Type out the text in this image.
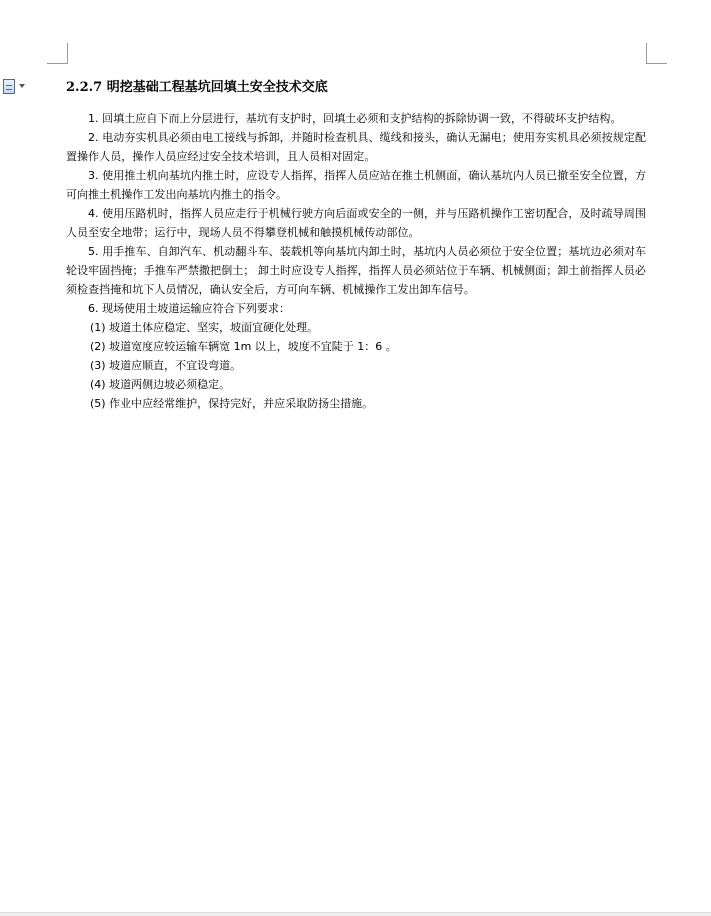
2.2.7 明挖基础工程基坑回填土安全技术交底

1. 回填土应自下而上分层进行，基坑有支护时，回填土必须和支护结构的拆除协调一致，不得破坏支护结构。

2. 电动夯实机具必须由电工接线与拆卸，并随时检查机具、缆线和接头，确认无漏电；使用夯实机具必须按规定配置操作人员，操作人员应经过安全技术培训，且人员相对固定。

3. 使用推土机向基坑内推土时，应设专人指挥，指挥人员应站在推土机侧面，确认基坑内人员已撤至安全位置，方可向推土机操作工发出向基坑内推土的指令。

4. 使用压路机时，指挥人员应走行于机械行驶方向后面或安全的一侧，并与压路机操作工密切配合，及时疏导周围人员至安全地带；运行中，现场人员不得攀登机械和触摸机械传动部位。

5. 用手推车、自卸汽车、机动翻斗车、装载机等向基坑内卸土时，基坑内人员必须位于安全位置；基坑边必须对车轮设牢固挡掩；手推车严禁撒把倒土； 卸土时应设专人指挥，指挥人员必须站位于车辆、机械侧面；卸土前指挥人员必须检查挡掩和坑下人员情况，确认安全后，方可向车辆、机械操作工发出卸车信号。

6. 现场使用土坡道运输应符合下列要求：

(1) 坡道土体应稳定、坚实，坡面宜硬化处理。

(2) 坡道宽度应较运输车辆宽 1m 以上，坡度不宜陡于 1：6 。

(3) 坡道应顺直，不宜设弯道。

(4) 坡道两侧边坡必须稳定。

(5) 作业中应经常维护，保持完好，并应采取防扬尘措施。
